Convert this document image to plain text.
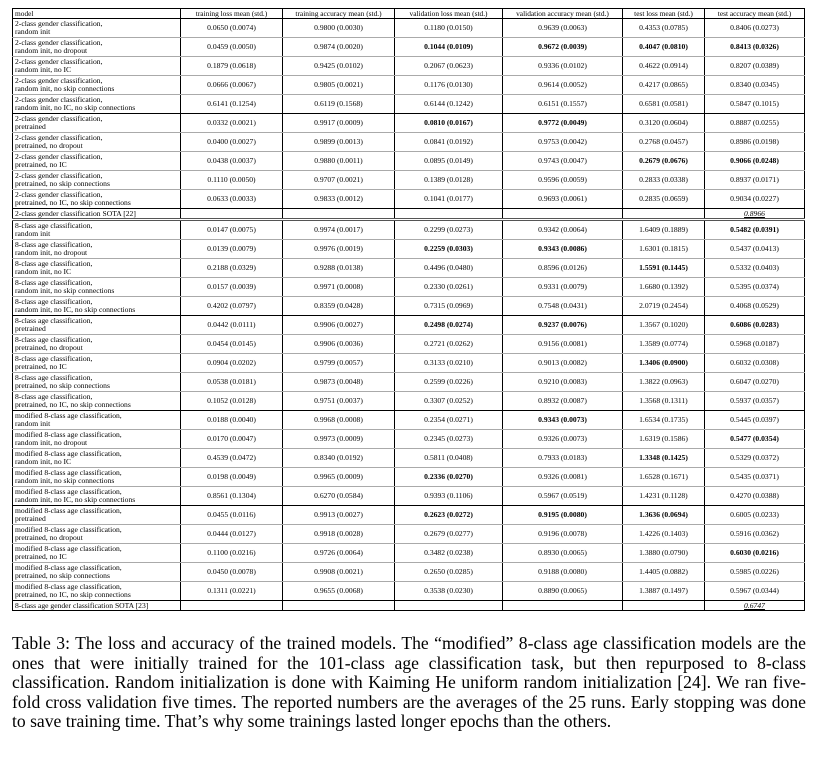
model	training loss mean (std.)	training accuracy mean (std.)	validation loss mean (std.)	validation accuracy mean (std.)	test loss mean (std.)	test accuracy mean (std.)

2-class gender classification,
random init	0.0650 (0.0074)	0.9800 (0.0030)	0.1180 (0.0150)	0.9639 (0.0063)	0.4353 (0.0785)	0.8406 (0.0273)

2-class gender classification,
random init, no dropout	0.0459 (0.0050)	0.9874 (0.0020)	0.1044 (0.0109)	0.9672 (0.0039)	0.4047 (0.0810)	0.8413 (0.0326)

2-class gender classification,
random init, no IC	0.1879 (0.0618)	0.9425 (0.0102)	0.2067 (0.0623)	0.9336 (0.0102)	0.4622 (0.0914)	0.8207 (0.0389)

2-class gender classification,
random init, no skip connections	0.0666 (0.0067)	0.9805 (0.0021)	0.1176 (0.0130)	0.9614 (0.0052)	0.4217 (0.0865)	0.8340 (0.0345)

2-class gender classification,
random init, no IC, no skip connections	0.6141 (0.1254)	0.6119 (0.1568)	0.6144 (0.1242)	0.6151 (0.1557)	0.6581 (0.0581)	0.5847 (0.1015)

2-class gender classification,
pretrained	0.0332 (0.0021)	0.9917 (0.0009)	0.0810 (0.0167)	0.9772 (0.0049)	0.3120 (0.0604)	0.8887 (0.0255)

2-class gender classification,
pretrained, no dropout	0.0400 (0.0027)	0.9899 (0.0013)	0.0841 (0.0192)	0.9753 (0.0042)	0.2768 (0.0457)	0.8986 (0.0198)

2-class gender classification,
pretrained, no IC	0.0438 (0.0037)	0.9880 (0.0011)	0.0895 (0.0149)	0.9743 (0.0047)	0.2679 (0.0676)	0.9066 (0.0248)

2-class gender classification,
pretrained, no skip connections	0.1110 (0.0050)	0.9707 (0.0021)	0.1389 (0.0128)	0.9596 (0.0059)	0.2833 (0.0338)	0.8937 (0.0171)

2-class gender classification,
pretrained, no IC, no skip connections	0.0633 (0.0033)	0.9833 (0.0012)	0.1041 (0.0177)	0.9693 (0.0061)	0.2835 (0.0659)	0.9034 (0.0227)
2-class gender classification SOTA [22]						0.8966

8-class age classification,
random init	0.0147 (0.0075)	0.9974 (0.0017)	0.2299 (0.0273)	0.9342 (0.0064)	1.6409 (0.1889)	0.5482 (0.0391)

8-class age classification,
random init, no dropout	0.0139 (0.0079)	0.9976 (0.0019)	0.2259 (0.0303)	0.9343 (0.0086)	1.6301 (0.1815)	0.5437 (0.0413)

8-class age classification,
random init, no IC	0.2188 (0.0329)	0.9288 (0.0138)	0.4496 (0.0480)	0.8596 (0.0126)	1.5591 (0.1445)	0.5332 (0.0403)

8-class age classification,
random init, no skip connections	0.0157 (0.0039)	0.9971 (0.0008)	0.2330 (0.0261)	0.9331 (0.0079)	1.6680 (0.1392)	0.5395 (0.0374)

8-class age classification,
random init, no IC, no skip connections	0.4202 (0.0797)	0.8359 (0.0428)	0.7315 (0.0969)	0.7548 (0.0431)	2.0719 (0.2454)	0.4068 (0.0529)

8-class age classification,
pretrained	0.0442 (0.0111)	0.9906 (0.0027)	0.2498 (0.0274)	0.9237 (0.0076)	1.3567 (0.1020)	0.6086 (0.0283)

8-class age classification,
pretrained, no dropout	0.0454 (0.0145)	0.9906 (0.0036)	0.2721 (0.0262)	0.9156 (0.0081)	1.3589 (0.0774)	0.5968 (0.0187)

8-class age classification,
pretrained, no IC	0.0904 (0.0202)	0.9799 (0.0057)	0.3133 (0.0210)	0.9013 (0.0082)	1.3406 (0.0900)	0.6032 (0.0308)

8-class age classification,
pretrained, no skip connections	0.0538 (0.0181)	0.9873 (0.0048)	0.2599 (0.0226)	0.9210 (0.0083)	1.3822 (0.0963)	0.6047 (0.0270)

8-class age classification,
pretrained, no IC, no skip connections	0.1052 (0.0128)	0.9751 (0.0037)	0.3307 (0.0252)	0.8932 (0.0087)	1.3568 (0.1311)	0.5937 (0.0357)

modified 8-class age classification,
random init	0.0188 (0.0040)	0.9968 (0.0008)	0.2354 (0.0271)	0.9343 (0.0073)	1.6534 (0.1735)	0.5445 (0.0397)

modified 8-class age classification,
random init, no dropout	0.0170 (0.0047)	0.9973 (0.0009)	0.2345 (0.0273)	0.9326 (0.0073)	1.6319 (0.1586)	0.5477 (0.0354)

modified 8-class age classification,
random init, no IC	0.4539 (0.0472)	0.8340 (0.0192)	0.5811 (0.0408)	0.7933 (0.0183)	1.3348 (0.1425)	0.5329 (0.0372)

modified 8-class age classification,
random init, no skip connections	0.0198 (0.0049)	0.9965 (0.0009)	0.2336 (0.0270)	0.9326 (0.0081)	1.6528 (0.1671)	0.5435 (0.0371)

modified 8-class age classification,
random init, no IC, no skip connections	0.8561 (0.1304)	0.6270 (0.0584)	0.9393 (0.1106)	0.5967 (0.0519)	1.4231 (0.1128)	0.4270 (0.0388)

modified 8-class age classification,
pretrained	0.0455 (0.0116)	0.9913 (0.0027)	0.2623 (0.0272)	0.9195 (0.0080)	1.3636 (0.0694)	0.6005 (0.0233)

modified 8-class age classification,
pretrained, no dropout	0.0444 (0.0127)	0.9918 (0.0028)	0.2679 (0.0277)	0.9196 (0.0078)	1.4226 (0.1403)	0.5916 (0.0362)

modified 8-class age classification,
pretrained, no IC	0.1100 (0.0216)	0.9726 (0.0064)	0.3482 (0.0238)	0.8930 (0.0065)	1.3880 (0.0790)	0.6030 (0.0216)

modified 8-class age classification,
pretrained, no skip connections	0.0450 (0.0078)	0.9908 (0.0021)	0.2650 (0.0285)	0.9188 (0.0080)	1.4405 (0.0882)	0.5985 (0.0226)

modified 8-class age classification,
pretrained, no IC, no skip connections	0.1311 (0.0221)	0.9655 (0.0068)	0.3538 (0.0230)	0.8890 (0.0065)	1.3887 (0.1497)	0.5967 (0.0344)
8-class age gender classification SOTA [23]						0.6747
Table 3: The loss and accuracy of the trained models. The “modified” 8-class age classification models are the ones that were initially trained for the 101-class age classification task, but then repurposed to 8-class classification. Random initialization is done with Kaiming He uniform random initialization [24]. We ran five-fold cross validation five times. The reported numbers are the averages of the 25 runs. Early stopping was done to save training time. That’s why some trainings lasted longer epochs than the others.
